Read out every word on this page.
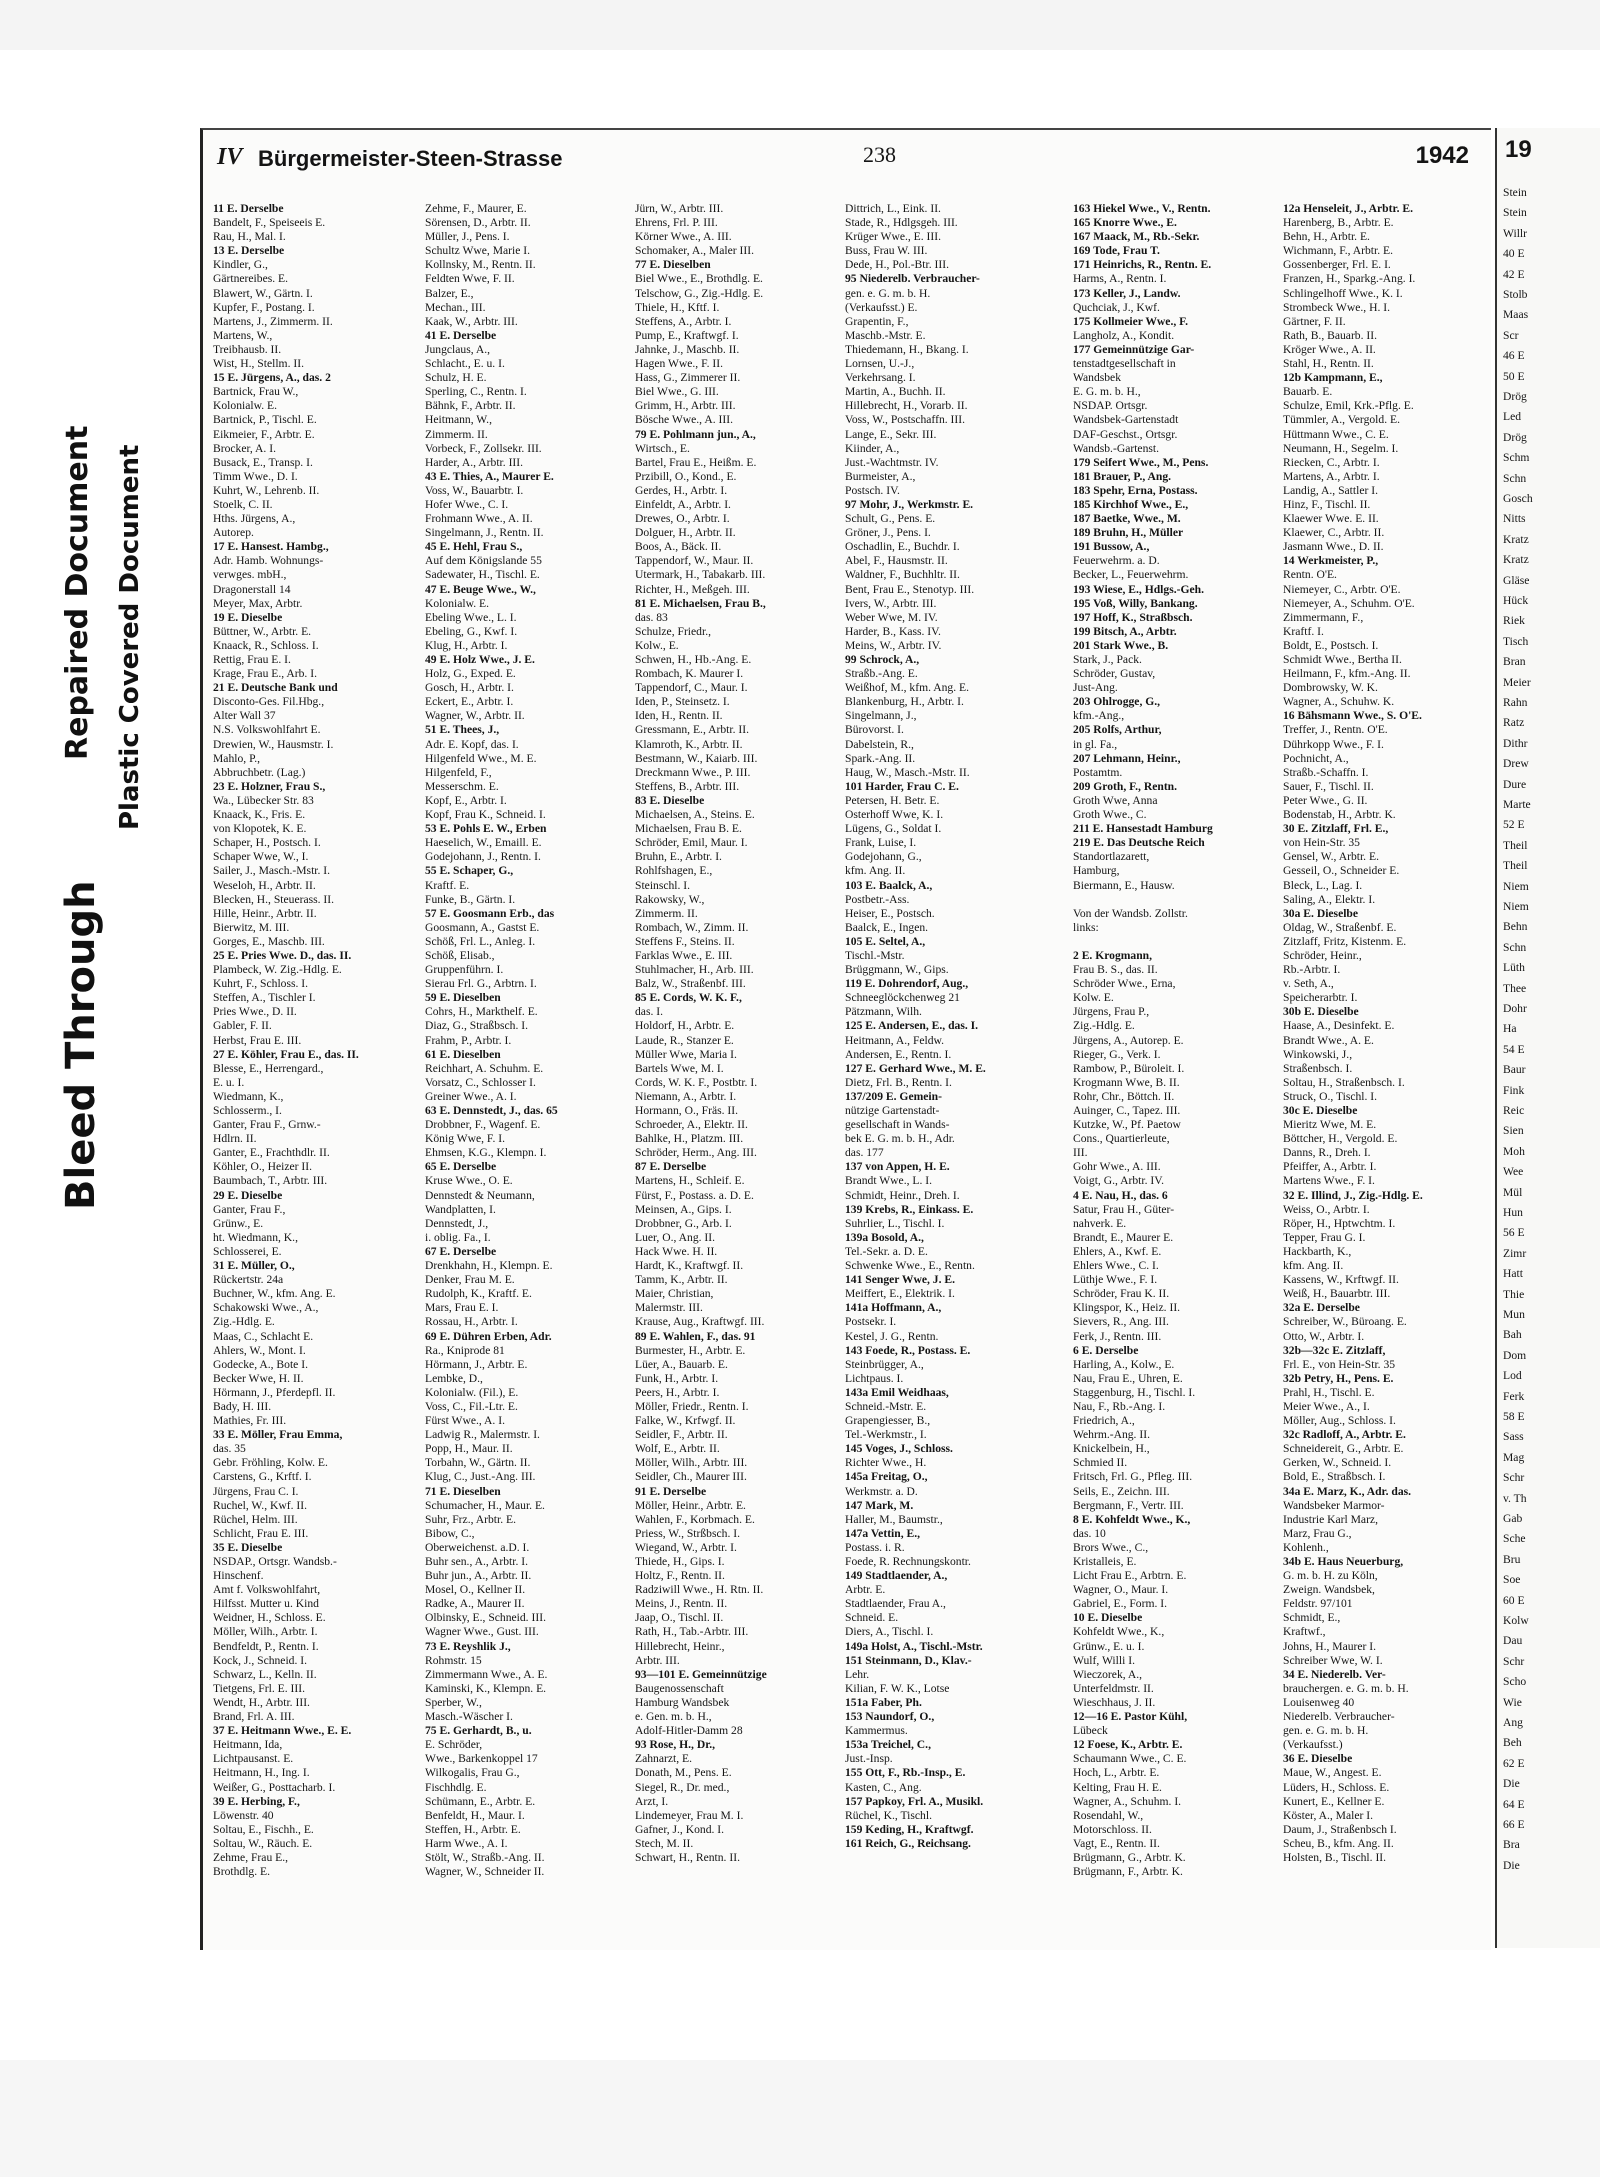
Bleed Through
Repaired Document Plastic Covered Document
IV Bürgermeister-Steen-Strasse	238	1942
11 E. Derselbe
Bandelt, F., Speiseeis E.
Rau, H., Mal. I.
13 E. Derselbe
Kindler, G.,
Gärtnereibes. E.
Blawert, W., Gärtn. I.
Kupfer, F., Postang. I.
Martens, J., Zimmerm. II.
Martens, W.,
Treibhausb. II.
Wist, H., Stellm. II.
15 E. Jürgens, A., das. 2
Bartnick, Frau W.,
Kolonialw. E.
Bartnick, P., Tischl. E.
Eikmeier, F., Arbtr. E.
Brocker, A. I.
Busack, E., Transp. I.
Timm Wwe., D. I.
Kuhrt, W., Lehrenb. II.
Stoelk, C. II.
Hths. Jürgens, A.,
Autorep.
17 E. Hansest. Hambg.,
Adr. Hamb. Wohnungs-
verwges. mbH.,
Dragonerstall 14
Meyer, Max, Arbtr.
19 E. Dieselbe
Büttner, W., Arbtr. E.
Knaack, R., Schloss. I.
Rettig, Frau E. I.
Krage, Frau E., Arb. I.
21 E. Deutsche Bank und
Disconto-Ges. Fil.Hbg.,
Alter Wall 37
N.S. Volkswohlfahrt E.
Drewien, W., Hausmstr. I.
Mahlo, P.,
Abbruchbetr. (Lag.)
23 E. Holzner, Frau S.,
Wa., Lübecker Str. 83
Knaack, K., Fris. E.
von Klopotek, K. E.
Schaper, H., Postsch. I.
Schaper Wwe, W., I.
Sailer, J., Masch.-Mstr. I.
Weseloh, H., Arbtr. II.
Blecken, H., Steuerass. II.
Hille, Heinr., Arbtr. II.
Bierwitz, M. III.
Gorges, E., Maschb. III.
25 E. Pries Wwe. D., das. II.
Plambeck, W. Zig.-Hdlg. E.
Kuhrt, F., Schloss. I.
Steffen, A., Tischler I.
Pries Wwe., D. II.
Gabler, F. II.
Herbst, Frau E. III.
27 E. Köhler, Frau E., das. II.
Blesse, E., Herrengard.,
E. u. I.
Wiedmann, K.,
Schlosserm., I.
Ganter, Frau F., Grnw.-
Hdlrn. II.
Ganter, E., Frachthdlr. II.
Köhler, O., Heizer II.
Baumbach, T., Arbtr. III.
29 E. Dieselbe
Ganter, Frau F.,
Grünw., E.
ht. Wiedmann, K.,
Schlosserei, E.
31 E. Müller, O.,
Rückertstr. 24a
Buchner, W., kfm. Ang. E.
Schakowski Wwe., A.,
Zig.-Hdlg. E.
Maas, C., Schlacht E.
Ahlers, W., Mont. I.
Godecke, A., Bote I.
Becker Wwe, H. II.
Hörmann, J., Pferdepfl. II.
Bady, H. III.
Mathies, Fr. III.
33 E. Möller, Frau Emma,
das. 35
Gebr. Fröhling, Kolw. E.
Carstens, G., Krftf. I.
Jürgens, Frau C. I.
Ruchel, W., Kwf. II.
Rüchel, Helm. III.
Schlicht, Frau E. III.
35 E. Dieselbe
NSDAP., Ortsgr. Wandsb.-
Hinschenf.
Amt f. Volkswohlfahrt,
Hilfsst. Mutter u. Kind
Weidner, H., Schloss. E.
Möller, Wilh., Arbtr. I.
Bendfeldt, P., Rentn. I.
Kock, J., Schneid. I.
Schwarz, L., Kelln. II.
Tietgens, Frl. E. III.
Wendt, H., Arbtr. III.
Brand, Frl. A. III.
37 E. Heitmann Wwe., E. E.
Heitmann, Ida,
Lichtpausanst. E.
Heitmann, H., Ing. I.
Weißer, G., Posttacharb. I.
39 E. Herbing, F.,
Löwenstr. 40
Soltau, E., Fischh., E.
Soltau, W., Räuch. E.
Zehme, Frau E.,
Brothdlg. E.
Zehme, F., Maurer, E.
Sörensen, D., Arbtr. II.
Müller, J., Pens. I.
Schultz Wwe, Marie I.
Kollnsky, M., Rentn. II.
Feldten Wwe, F. II.
Balzer, E.,
Mechan., III.
Kaak, W., Arbtr. III.
41 E. Derselbe
Jungclaus, A.,
Schlacht., E. u. I.
Schulz, H. E.
Sperling, C., Rentn. I.
Bähnk, F., Arbtr. II.
Heitmann, W.,
Zimmerm. II.
Vorbeck, F., Zollsekr. III.
Harder, A., Arbtr. III.
43 E. Thies, A., Maurer E.
Voss, W., Bauarbtr. I.
Hofer Wwe., C. I.
Frohmann Wwe., A. II.
Singelmann, J., Rentn. II.
45 E. Hehl, Frau S.,
Auf dem Königslande 55
Sadewater, H., Tischl. E.
47 E. Beuge Wwe., W.,
Kolonialw. E.
Ebeling Wwe., L. I.
Ebeling, G., Kwf. I.
Klug, H., Arbtr. I.
49 E. Holz Wwe., J. E.
Holz, G., Exped. E.
Gosch, H., Arbtr. I.
Eckert, E., Arbtr. I.
Wagner, W., Arbtr. II.
51 E. Thees, J.,
Adr. E. Kopf, das. I.
Hilgenfeld Wwe., M. E.
Hilgenfeld, F.,
Messerschm. E.
Kopf, E., Arbtr. I.
Kopf, Frau K., Schneid. I.
53 E. Pohls E. W., Erben
Haeselich, W., Emaill. E.
Godejohann, J., Rentn. I.
55 E. Schaper, G.,
Kraftf. E.
Funke, B., Gärtn. I.
57 E. Goosmann Erb., das
Goosmann, A., Gastst E.
Schöß, Frl. L., Anleg. I.
Schöß, Elisab.,
Gruppenführn. I.
Sierau Frl. G., Arbtrn. I.
59 E. Dieselben
Cohrs, H., Markthelf. E.
Diaz, G., Straßbsch. I.
Frahm, P., Arbtr. I.
61 E. Dieselben
Reichhart, A. Schuhm. E.
Vorsatz, C., Schlosser I.
Greiner Wwe., A. I.
63 E. Dennstedt, J., das. 65
Drobbner, F., Wagenf. E.
König Wwe, F. I.
Ehmsen, K.G., Klempn. I.
65 E. Derselbe
Kruse Wwe., O. E.
Dennstedt & Neumann,
Wandplatten, I.
Dennstedt, J.,
i. oblig. Fa., I.
67 E. Derselbe
Drenkhahn, H., Klempn. E.
Denker, Frau M. E.
Rudolph, K., Kraftf. E.
Mars, Frau E. I.
Rossau, H., Arbtr. I.
69 E. Dühren Erben, Adr.
Ra., Kniprode 81
Hörmann, J., Arbtr. E.
Lembke, D.,
Kolonialw. (Fil.), E.
Voss, C., Fil.-Ltr. E.
Fürst Wwe., A. I.
Ladwig R., Malermstr. I.
Popp, H., Maur. II.
Torbahn, W., Gärtn. II.
Klug, C., Just.-Ang. III.
71 E. Dieselben
Schumacher, H., Maur. E.
Suhr, Frz., Arbtr. E.
Bibow, C.,
Oberweichenst. a.D. I.
Buhr sen., A., Arbtr. I.
Buhr jun., A., Arbtr. II.
Mosel, O., Kellner II.
Radke, A., Maurer II.
Olbinsky, E., Schneid. III.
Wagner Wwe., Gust. III.
73 E. Reyshlik J.,
Rohmstr. 15
Zimmermann Wwe., A. E.
Kaminski, K., Klempn. E.
Sperber, W.,
Masch.-Wäscher I.
75 E. Gerhardt, B., u.
E. Schröder,
Wwe., Barkenkoppel 17
Wilkogalis, Frau G.,
Fischhdlg. E.
Schümann, E., Arbtr. E.
Benfeldt, H., Maur. I.
Steffen, H., Arbtr. E.
Harm Wwe., A. I.
Stölt, W., Straßb.-Ang. II.
Wagner, W., Schneider II.
Jürn, W., Arbtr. III.
Ehrens, Frl. P. III.
Körner Wwe., A. III.
Schomaker, A., Maler III.
77 E. Dieselben
Biel Wwe., E., Brothdlg. E.
Telschow, G., Zig.-Hdlg. E.
Thiele, H., Kftf. I.
Steffens, A., Arbtr. I.
Pump, E., Kraftwgf. I.
Jahnke, J., Maschb. II.
Hagen Wwe., F. II.
Hass, G., Zimmerer II.
Biel Wwe., G. III.
Grimm, H., Arbtr. III.
Bösche Wwe., A. III.
79 E. Pohlmann jun., A.,
Wirtsch., E.
Bartel, Frau E., Heißm. E.
Przibill, O., Kond., E.
Gerdes, H., Arbtr. I.
Einfeldt, A., Arbtr. I.
Drewes, O., Arbtr. I.
Dolguer, H., Arbtr. II.
Boos, A., Bäck. II.
Tappendorf, W., Maur. II.
Utermark, H., Tabakarb. III.
Richter, H., Meßgeh. III.
81 E. Michaelsen, Frau B.,
das. 83
Schulze, Friedr.,
Kolw., E.
Schwen, H., Hb.-Ang. E.
Rombach, K. Maurer I.
Tappendorf, C., Maur. I.
Iden, P., Steinsetz. I.
Iden, H., Rentn. II.
Gressmann, E., Arbtr. II.
Klamroth, K., Arbtr. II.
Bestmann, W., Kaiarb. III.
Dreckmann Wwe., P. III.
Steffens, B., Arbtr. III.
83 E. Dieselbe
Michaelsen, A., Steins. E.
Michaelsen, Frau B. E.
Schröder, Emil, Maur. I.
Bruhn, E., Arbtr. I.
Rohlfshagen, E.,
Steinschl. I.
Rakowsky, W.,
Zimmerm. II.
Rombach, W., Zimm. II.
Steffens F., Steins. II.
Farklas Wwe., E. III.
Stuhlmacher, H., Arb. III.
Balz, W., Straßenbf. III.
85 E. Cords, W. K. F.,
das. I.
Holdorf, H., Arbtr. E.
Laude, R., Stanzer E.
Müller Wwe, Maria I.
Bartels Wwe, M. I.
Cords, W. K. F., Postbtr. I.
Niemann, A., Arbtr. I.
Hormann, O., Fräs. II.
Schroeder, A., Elektr. II.
Bahlke, H., Platzm. III.
Schröder, Herm., Ang. III.
87 E. Derselbe
Martens, H., Schleif. E.
Fürst, F., Postass. a. D. E.
Meinsen, A., Gips. I.
Drobbner, G., Arb. I.
Luer, O., Ang. II.
Hack Wwe. H. II.
Hardt, K., Kraftwgf. II.
Tamm, K., Arbtr. II.
Maier, Christian,
Malermstr. III.
Krause, Aug., Kraftwgf. III.
89 E. Wahlen, F., das. 91
Burmester, H., Arbtr. E.
Lüer, A., Bauarb. E.
Funk, H., Arbtr. I.
Peers, H., Arbtr. I.
Möller, Friedr., Rentn. I.
Falke, W., Krfwgf. II.
Seidler, F., Arbtr. II.
Wolf, E., Arbtr. II.
Möller, Wilh., Arbtr. III.
Seidler, Ch., Maurer III.
91 E. Derselbe
Möller, Heinr., Arbtr. E.
Wahlen, F., Korbmach. E.
Priess, W., Strßbsch. I.
Wiegand, W., Arbtr. I.
Thiede, H., Gips. I.
Holtz, F., Rentn. II.
Radziwill Wwe., H. Rtn. II.
Meins, J., Rentn. II.
Jaap, O., Tischl. II.
Rath, H., Tab.-Arbtr. III.
Hillebrecht, Heinr.,
Arbtr. III.
93—101 E. Gemeinnützige
Baugenossenschaft
Hamburg Wandsbek
e. Gen. m. b. H.,
Adolf-Hitler-Damm 28
93 Rose, H., Dr.,
Zahnarzt, E.
Donath, M., Pens. E.
Siegel, R., Dr. med.,
Arzt, I.
Lindemeyer, Frau M. I.
Gafner, J., Kond. I.
Stech, M. II.
Schwart, H., Rentn. II.
Dittrich, L., Eink. II.
Stade, R., Hdlgsgeh. III.
Krüger Wwe., E. III.
Buss, Frau W. III.
Dede, H., Pol.-Btr. III.
95 Niederelb. Verbraucher-
gen. e. G. m. b. H.
(Verkaufsst.) E.
Grapentin, F.,
Maschb.-Mstr. E.
Thiedemann, H., Bkang. I.
Lornsen, U.-J.,
Verkehrsang. I.
Martin, A., Buchh. II.
Hillebrecht, H., Vorarb. II.
Voss, W., Postschaffn. III.
Lange, E., Sekr. III.
Kiinder, A.,
Just.-Wachtmstr. IV.
Burmeister, A.,
Postsch. IV.
97 Mohr, J., Werkmstr. E.
Schult, G., Pens. E.
Gröner, J., Pens. I.
Oschadlin, E., Buchdr. I.
Abel, F., Hausmstr. II.
Waldner, F., Buchhltr. II.
Bent, Frau E., Stenotyp. III.
Ivers, W., Arbtr. III.
Weber Wwe, M. IV.
Harder, B., Kass. IV.
Meins, W., Arbtr. IV.
99 Schrock, A.,
Straßb.-Ang. E.
Weißhof, M., kfm. Ang. E.
Blankenburg, H., Arbtr. I.
Singelmann, J.,
Bürovorst. I.
Dabelstein, R.,
Spark.-Ang. II.
Haug, W., Masch.-Mstr. II.
101 Harder, Frau C. E.
Petersen, H. Betr. E.
Osterhoff Wwe, K. I.
Lügens, G., Soldat I.
Frank, Luise, I.
Godejohann, G.,
kfm. Ang. II.
103 E. Baalck, A.,
Postbetr.-Ass.
Heiser, E., Postsch.
Baalck, E., Ingen.
105 E. Seltel, A.,
Tischl.-Mstr.
Brüggmann, W., Gips.
119 E. Dohrendorf, Aug.,
Schneeglöckchenweg 21
Pätzmann, Wilh.
125 E. Andersen, E., das. I.
Heitmann, A., Feldw.
Andersen, E., Rentn. I.
127 E. Gerhard Wwe., M. E.
Dietz, Frl. B., Rentn. I.
137/209 E. Gemein-
nützige Gartenstadt-
gesellschaft in Wands-
bek E. G. m. b. H., Adr.
das. 177
137 von Appen, H. E.
Brandt Wwe., L. I.
Schmidt, Heinr., Dreh. I.
139 Krebs, R., Einkass. E.
Suhrlier, L., Tischl. I.
139a Bosold, A.,
Tel.-Sekr. a. D. E.
Schwenke Wwe., E., Rentn.
141 Senger Wwe, J. E.
Meiffert, E., Elektrik. I.
141a Hoffmann, A.,
Postsekr. I.
Kestel, J. G., Rentn.
143 Foede, R., Postass. E.
Steinbrügger, A.,
Lichtpaus. I.
143a Emil Weidhaas,
Schneid.-Mstr. E.
Grapengiesser, B.,
Tel.-Werkmstr., I.
145 Voges, J., Schloss.
Richter Wwe., H.
145a Freitag, O.,
Werkmstr. a. D.
147 Mark, M.
Haller, M., Baumstr.,
147a Vettin, E.,
Postass. i. R.
Foede, R. Rechnungskontr.
149 Stadtlaender, A.,
Arbtr. E.
Stadtlaender, Frau A.,
Schneid. E.
Diers, A., Tischl. I.
149a Holst, A., Tischl.-Mstr.
151 Steinmann, D., Klav.-
Lehr.
Kilian, F. W. K., Lotse
151a Faber, Ph.
153 Naundorf, O.,
Kammermus.
153a Treichel, C.,
Just.-Insp.
155 Ott, F., Rb.-Insp., E.
Kasten, C., Ang.
157 Papkoy, Frl. A., Musikl.
Rüchel, K., Tischl.
159 Keding, H., Kraftwgf.
161 Reich, G., Reichsang.
163 Hiekel Wwe., V., Rentn.
165 Knorre Wwe., E.
167 Maack, M., Rb.-Sekr.
169 Tode, Frau T.
171 Heinrichs, R., Rentn. E.
Harms, A., Rentn. I.
173 Keller, J., Landw.
Quchciak, J., Kwf.
175 Kollmeier Wwe., F.
Langholz, A., Kondit.
177 Gemeinnützige Gar-
tenstadtgesellschaft in
Wandsbek
E. G. m. b. H.,
NSDAP. Ortsgr.
Wandsbek-Gartenstadt
DAF-Geschst., Ortsgr.
Wandsb.-Gartenst.
179 Seifert Wwe., M., Pens.
181 Brauer, P., Ang.
183 Spehr, Erna, Postass.
185 Kirchhof Wwe., E.,
187 Baetke, Wwe., M.
189 Bruhn, H., Müller
191 Bussow, A.,
Feuerwehrm. a. D.
Becker, L., Feuerwehrm.
193 Wiese, E., Hdlgs.-Geh.
195 Voß, Willy, Bankang.
197 Hoff, K., Straßbsch.
199 Bitsch, A., Arbtr.
201 Stark Wwe., B.
Stark, J., Pack.
Schröder, Gustav,
Just-Ang.
203 Ohlrogge, G.,
kfm.-Ang.,
205 Rolfs, Arthur,
in gl. Fa.,
207 Lehmann, Heinr.,
Postamtm.
209 Groth, F., Rentn.
Groth Wwe, Anna
Groth Wwe., C.
211 E. Hansestadt Hamburg
219 E. Das Deutsche Reich
Standortlazarett,
Hamburg,
Biermann, E., Hausw.

Von der Wandsb. Zollstr.
links:

2 E. Krogmann,
Frau B. S., das. II.
Schröder Wwe., Erna,
Kolw. E.
Jürgens, Frau P.,
Zig.-Hdlg. E.
Jürgens, A., Autorep. E.
Rieger, G., Verk. I.
Rambow, P., Büroleit. I.
Krogmann Wwe, B. II.
Rohr, Chr., Böttch. II.
Auinger, C., Tapez. III.
Kutzke, W., Pf. Paetow
Cons., Quartierleute,
III.
Gohr Wwe., A. III.
Voigt, G., Arbtr. IV.
4 E. Nau, H., das. 6
Satur, Frau H., Güter-
nahverk. E.
Brandt, E., Maurer E.
Ehlers, A., Kwf. E.
Ehlers Wwe., C. I.
Lüthje Wwe., F. I.
Schröder, Frau K. II.
Klingspor, K., Heiz. II.
Sievers, R., Ang. III.
Ferk, J., Rentn. III.
6 E. Derselbe
Harling, A., Kolw., E.
Nau, Frau E., Uhren, E.
Staggenburg, H., Tischl. I.
Nau, F., Rb.-Ang. I.
Friedrich, A.,
Wehrm.-Ang. II.
Knickelbein, H.,
Schmied II.
Fritsch, Frl. G., Pfleg. III.
Seils, E., Zeichn. III.
Bergmann, F., Vertr. III.
8 E. Kohfeldt Wwe., K.,
das. 10
Brors Wwe., C.,
Kristalleis, E.
Licht Frau E., Arbtrn. E.
Wagner, O., Maur. I.
Gabriel, E., Form. I.
10 E. Dieselbe
Kohfeldt Wwe., K.,
Grünw., E. u. I.
Wulf, Willi I.
Wieczorek, A.,
Unterfeldmstr. II.
Wieschhaus, J. II.
12—16 E. Pastor Kühl,
Lübeck
12 Foese, K., Arbtr. E.
Schaumann Wwe., C. E.
Hoch, L., Arbtr. E.
Kelting, Frau H. E.
Wagner, A., Schuhm. I.
Rosendahl, W.,
Motorschloss. II.
Vagt, E., Rentn. II.
Brügmann, G., Arbtr. K.
Brügmann, F., Arbtr. K.
12a Henseleit, J., Arbtr. E.
Harenberg, B., Arbtr. E.
Behn, H., Arbtr. E.
Wichmann, F., Arbtr. E.
Gossenberger, Frl. E. I.
Franzen, H., Sparkg.-Ang. I.
Schlingelhoff Wwe., K. I.
Strombeck Wwe., H. I.
Gärtner, F. II.
Rath, B., Bauarb. II.
Kröger Wwe., A. II.
Stahl, H., Rentn. II.
12b Kampmann, E.,
Bauarb. E.
Schulze, Emil, Krk.-Pflg. E.
Tümmler, A., Vergold. E.
Hüttmann Wwe., C. E.
Neumann, H., Segelm. I.
Riecken, C., Arbtr. I.
Martens, A., Arbtr. I.
Landig, A., Sattler I.
Hinz, F., Tischl. II.
Klaewer Wwe. E. II.
Klaewer, C., Arbtr. II.
Jasmann Wwe., D. II.
14 Werkmeister, P.,
Rentn. O'E.
Niemeyer, C., Arbtr. O'E.
Niemeyer, A., Schuhm. O'E.
Zimmermann, F.,
Kraftf. I.
Boldt, E., Postsch. I.
Schmidt Wwe., Bertha II.
Heilmann, F., kfm.-Ang. II.
Dombrowsky, W. K.
Wagner, A., Schuhw. K.
16 Bähsmann Wwe., S. O'E.
Treffer, J., Rentn. O'E.
Dührkopp Wwe., F. I.
Pochnicht, A.,
Straßb.-Schaffn. I.
Sauer, F., Tischl. II.
Peter Wwe., G. II.
Bodenstab, H., Arbtr. K.
30 E. Zitzlaff, Frl. E.,
von Hein-Str. 35
Gensel, W., Arbtr. E.
Gesseil, O., Schneider E.
Bleck, L., Lag. I.
Saling, A., Elektr. I.
30a E. Dieselbe
Oldag, W., Straßenbf. E.
Zitzlaff, Fritz, Kistenm. E.
Schröder, Heinr.,
Rb.-Arbtr. I.
v. Seth, A.,
Speicherarbtr. I.
30b E. Dieselbe
Haase, A., Desinfekt. E.
Brandt Wwe., A. E.
Winkowski, J.,
Straßenbsch. I.
Soltau, H., Straßenbsch. I.
Struck, O., Tischl. I.
30c E. Dieselbe
Mieritz Wwe, M. E.
Böttcher, H., Vergold. E.
Danns, R., Dreh. I.
Pfeiffer, A., Arbtr. I.
Martens Wwe., F. I.
32 E. Illind, J., Zig.-Hdlg. E.
Weiss, O., Arbtr. I.
Röper, H., Hptwchtm. I.
Tepper, Frau G. I.
Hackbarth, K.,
kfm. Ang. II.
Kassens, W., Krftwgf. II.
Weiß, H., Bauarbtr. III.
32a E. Derselbe
Schreiber, W., Büroang. E.
Otto, W., Arbtr. I.
32b—32c E. Zitzlaff,
Frl. E., von Hein-Str. 35
32b Petry, H., Pens. E.
Prahl, H., Tischl. E.
Meier Wwe., A., I.
Möller, Aug., Schloss. I.
32c Radloff, A., Arbtr. E.
Schneidereit, G., Arbtr. E.
Gerken, W., Schneid. I.
Bold, E., Straßbsch. I.
34a E. Marz, K., Adr. das.
Wandsbeker Marmor-
Industrie Karl Marz,
Marz, Frau G.,
Kohlenh.,
34b E. Haus Neuerburg,
G. m. b. H. zu Köln,
Zweign. Wandsbek,
Feldstr. 97/101
Schmidt, E.,
Kraftwf.,
Johns, H., Maurer I.
Schreiber Wwe, W. I.
34 E. Niederelb. Ver-
brauchergen. e. G. m. b. H.
Louisenweg 40
Niederelb. Verbraucher-
gen. e. G. m. b. H.
(Verkaufsst.)
36 E. Dieselbe
Maue, W., Angest. E.
Lüders, H., Schloss. E.
Kunert, E., Kellner E.
Köster, A., Maler I.
Daum, J., Straßenbsch I.
Scheu, B., kfm. Ang. II.
Holsten, B., Tischl. II.
19
Stein
Stein
Willr
40 E
42 E
Stolb
Maas
Scr
46 E
50 E
Drög
Led
Drög
Schm
Schn
Gosch
Nitts
Kratz
Kratz
Gläse
Hück
Riek
Tisch
Bran
Meier
Rahn
Ratz
Dithr
Drew
Dure
Marte
52 E
Theil
Theil
Niem
Niem
Behn
Schn
Lüth
Thee
Dohr
Ha
54 E
Baur
Fink
Reic
Sien
Moh
Wee
Mül
Hun
56 E
Zimr
Hatt
Thie
Mun
Bah
Dom
Lod
Ferk
58 E
Sass
Mag
Schr
v. Th
Gab
Sche
Bru
Soe
60 E
Kolw
Dau
Schr
Scho
Wie
Ang
Beh
62 E
Die
64 E
66 E
Bra
Die
